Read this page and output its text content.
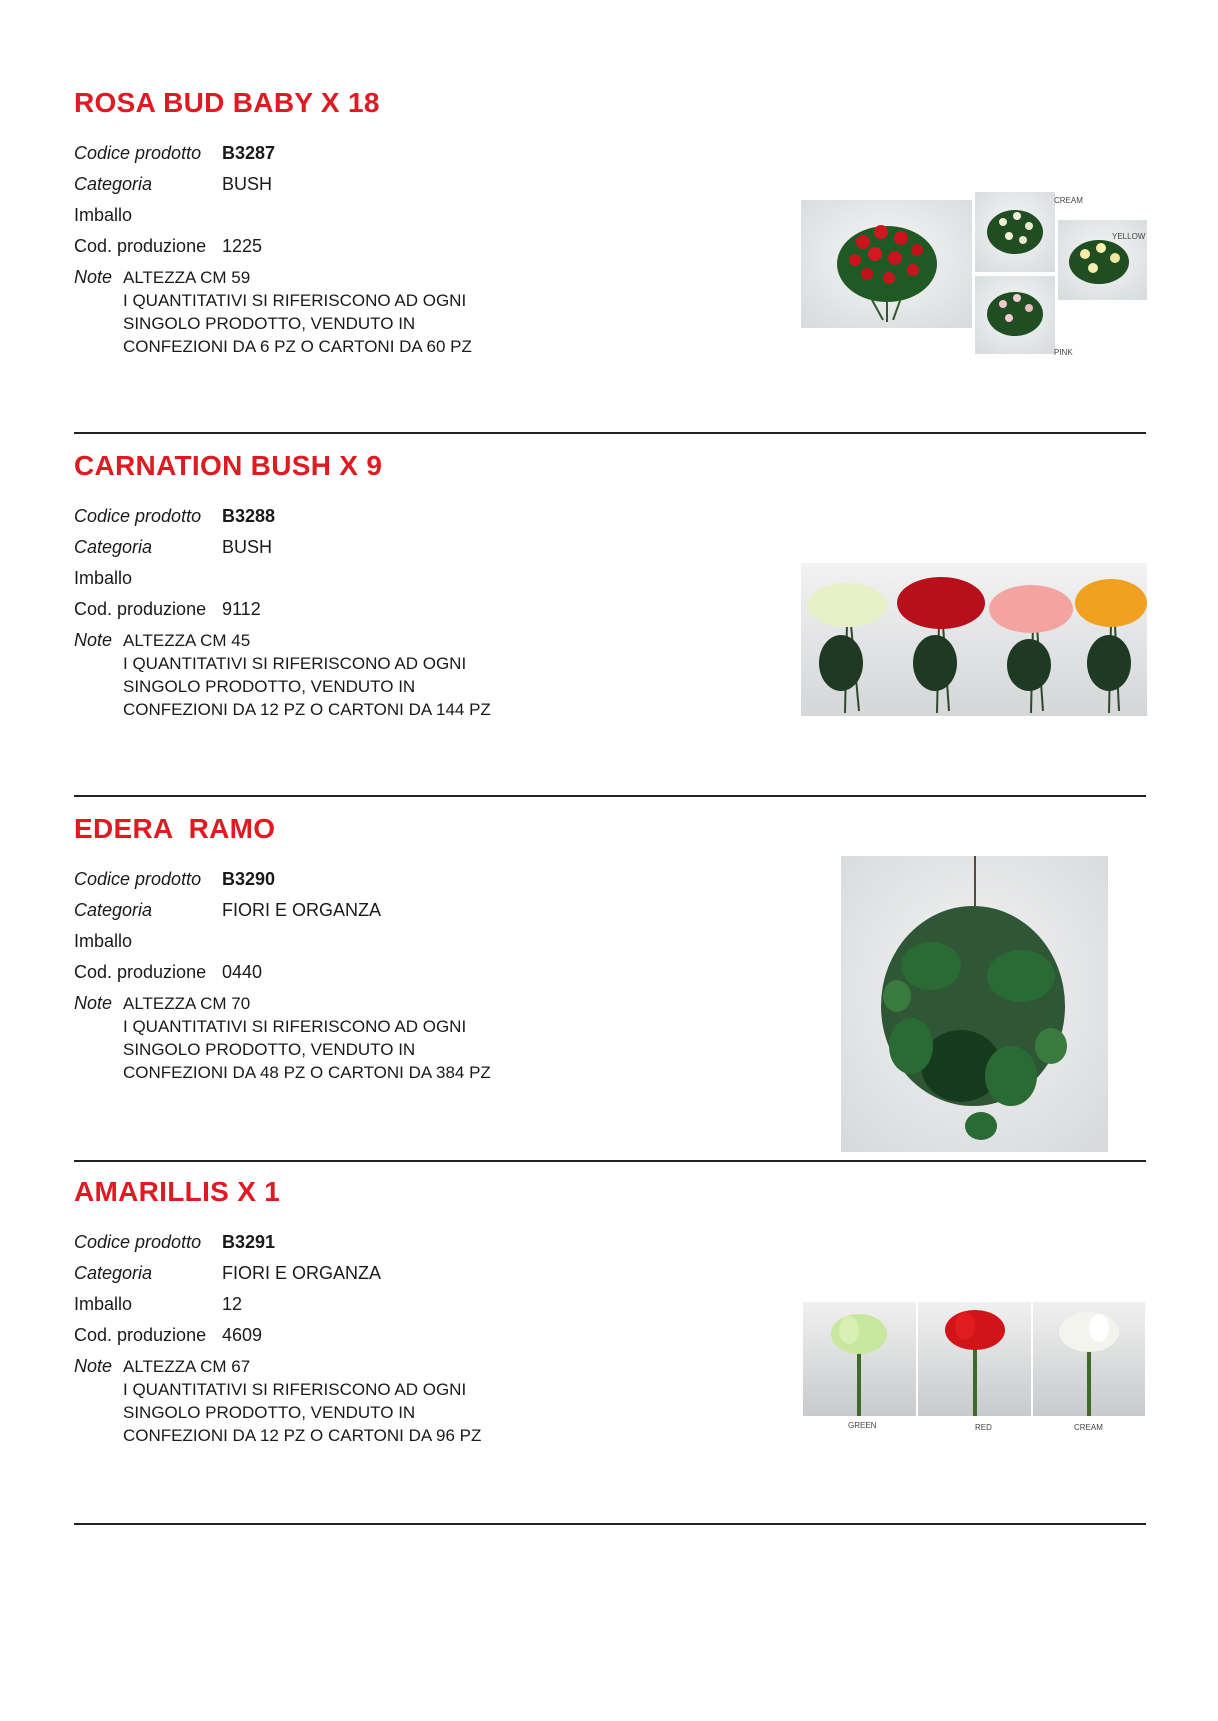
ROSA BUD BABY X 18
Codice prodotto B3287
Categoria	BUSH
Imballo
Cod. produzione 1225
Note ALTEZZA CM 59
I QUANTITATIVI SI RIFERISCONO AD OGNI
SINGOLO PRODOTTO, VENDUTO IN
CONFEZIONI DA 6 PZ O CARTONI DA 60 PZ
CREAM
YELLOW
PINK
CARNATION BUSH X 9
Codice prodotto B3288
Categoria	BUSH
Imballo
Cod. produzione 9112
Note ALTEZZA CM 45
I QUANTITATIVI SI RIFERISCONO AD OGNI
SINGOLO PRODOTTO, VENDUTO IN
CONFEZIONI DA 12 PZ O CARTONI DA 144 PZ
EDERA  RAMO
Codice prodotto B3290
Categoria	FIORI E ORGANZA
Imballo
Cod. produzione 0440
Note ALTEZZA CM 70
I QUANTITATIVI SI RIFERISCONO AD OGNI
SINGOLO PRODOTTO, VENDUTO IN
CONFEZIONI DA 48 PZ O CARTONI DA 384 PZ
AMARILLIS X 1
Codice prodotto B3291
Categoria	FIORI E ORGANZA
Imballo	12
Cod. produzione 4609
Note ALTEZZA CM 67
I QUANTITATIVI SI RIFERISCONO AD OGNI
SINGOLO PRODOTTO, VENDUTO IN
CONFEZIONI DA 12 PZ O CARTONI DA 96 PZ
GREEN	RED	CREAM
